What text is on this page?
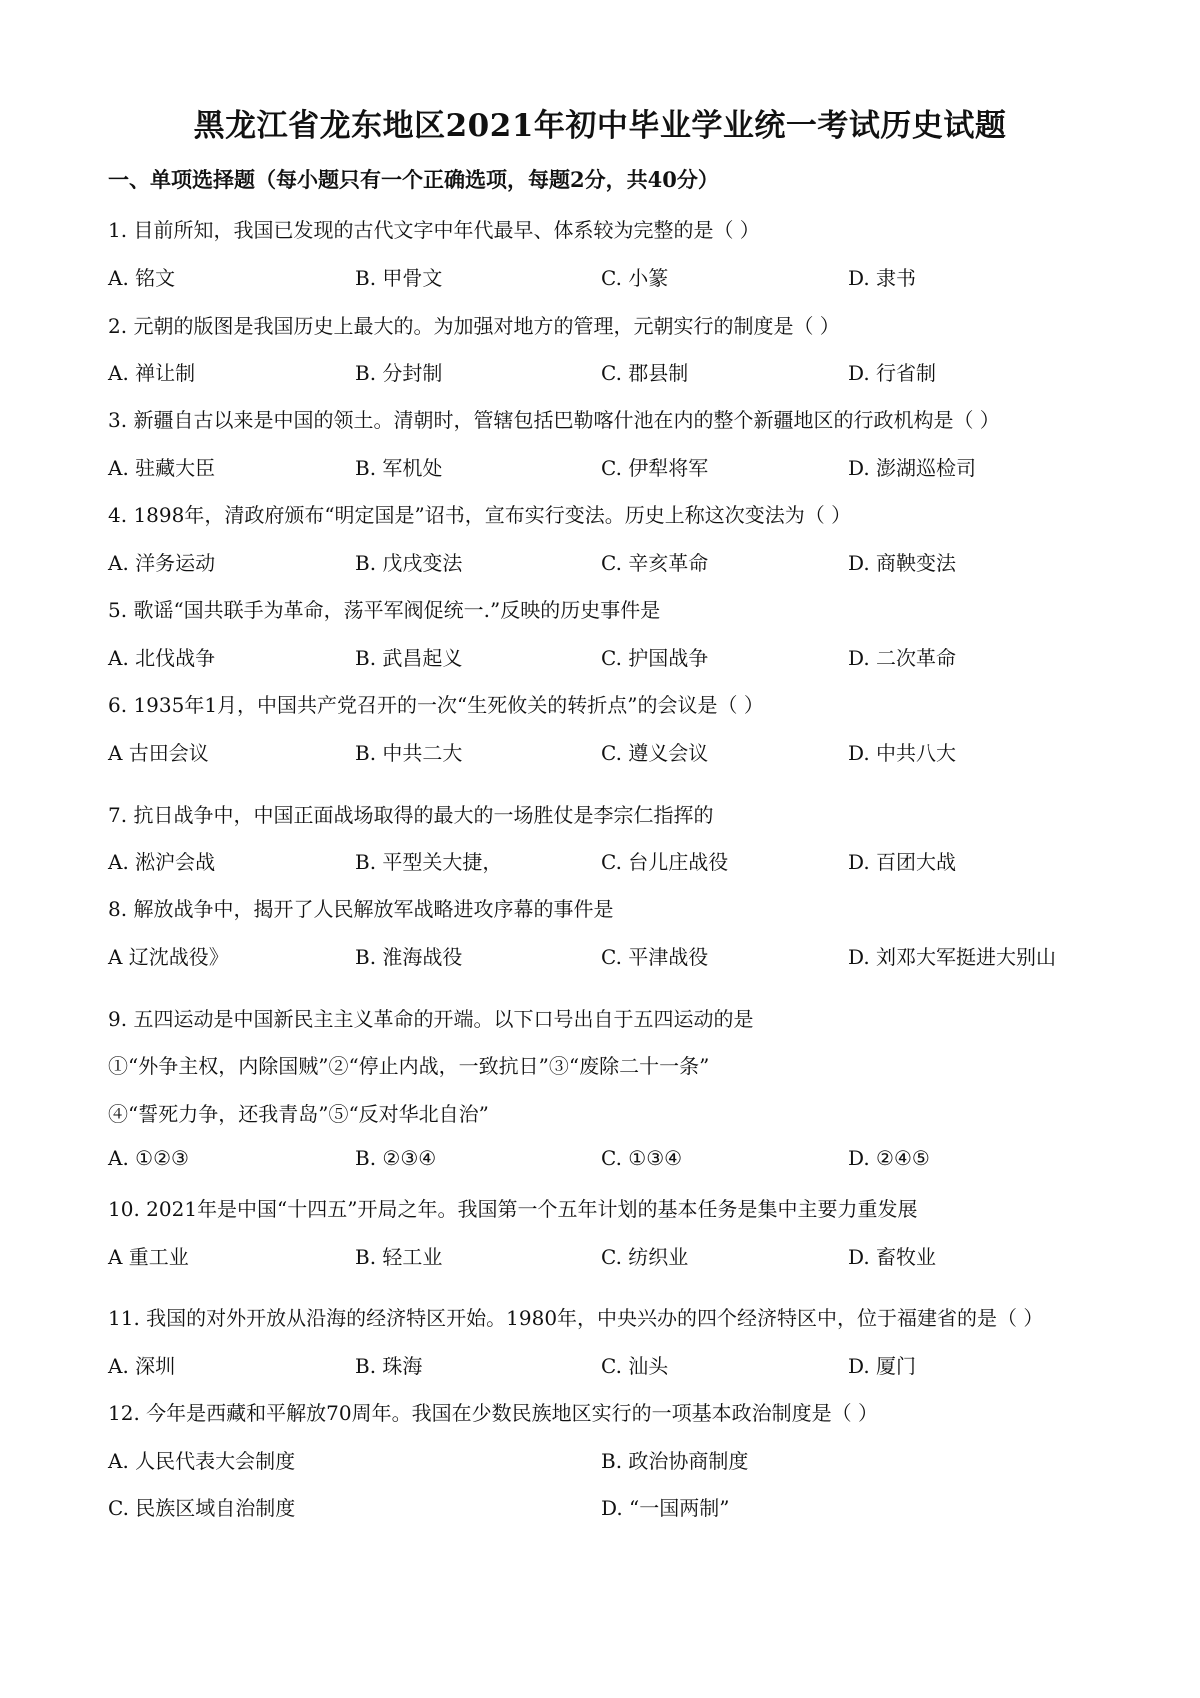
黑龙江省龙东地区2021年初中毕业学业统一考试历史试题
一、单项选择题（每小题只有一个正确选项，每题2分，共40分）
1. 目前所知，我国已发现的古代文字中年代最早、体系较为完整的是（ ）
A. 铭文	B. 甲骨文	C. 小篆	D. 隶书
2. 元朝的版图是我国历史上最大的。为加强对地方的管理，元朝实行的制度是（ ）
A. 禅让制	B. 分封制	C. 郡县制	D. 行省制
3. 新疆自古以来是中国的领土。清朝时，管辖包括巴勒喀什池在内的整个新疆地区的行政机构是（ ）
A. 驻藏大臣	B. 军机处	C. 伊犁将军	D. 澎湖巡检司
4. 1898年，清政府颁布“明定国是”诏书，宣布实行变法。历史上称这次变法为（ ）
A. 洋务运动	B. 戊戌变法	C. 辛亥革命	D. 商鞅变法
5. 歌谣“国共联手为革命，荡平军阀促统一.”反映的历史事件是
A. 北伐战争	B. 武昌起义	C. 护国战争	D. 二次革命
6. 1935年1月，中国共产党召开的一次“生死攸关的转折点”的会议是（ ）
A 古田会议	B. 中共二大	C. 遵义会议	D. 中共八大
7. 抗日战争中，中国正面战场取得的最大的一场胜仗是李宗仁指挥的
A. 淞沪会战	B. 平型关大捷，	C. 台儿庄战役	D. 百团大战
8. 解放战争中，揭开了人民解放军战略进攻序幕的事件是
A 辽沈战役》	B. 淮海战役	C. 平津战役	D. 刘邓大军挺进大别山
9. 五四运动是中国新民主主义革命的开端。以下口号出自于五四运动的是
①“外争主权，内除国贼”②“停止内战，一致抗日”③“废除二十一条”
④“誓死力争，还我青岛”⑤“反对华北自治”
A. ①②③	B. ②③④	C. ①③④	D. ②④⑤
10. 2021年是中国“十四五”开局之年。我国第一个五年计划的基本任务是集中主要力重发展
A 重工业	B. 轻工业	C. 纺织业	D. 畜牧业
11. 我国的对外开放从沿海的经济特区开始。1980年，中央兴办的四个经济特区中，位于福建省的是（ ）
A. 深圳	B. 珠海	C. 汕头	D. 厦门
12. 今年是西藏和平解放70周年。我国在少数民族地区实行的一项基本政治制度是（ ）
A. 人民代表大会制度	B. 政治协商制度
C. 民族区域自治制度	D. “一国两制”
